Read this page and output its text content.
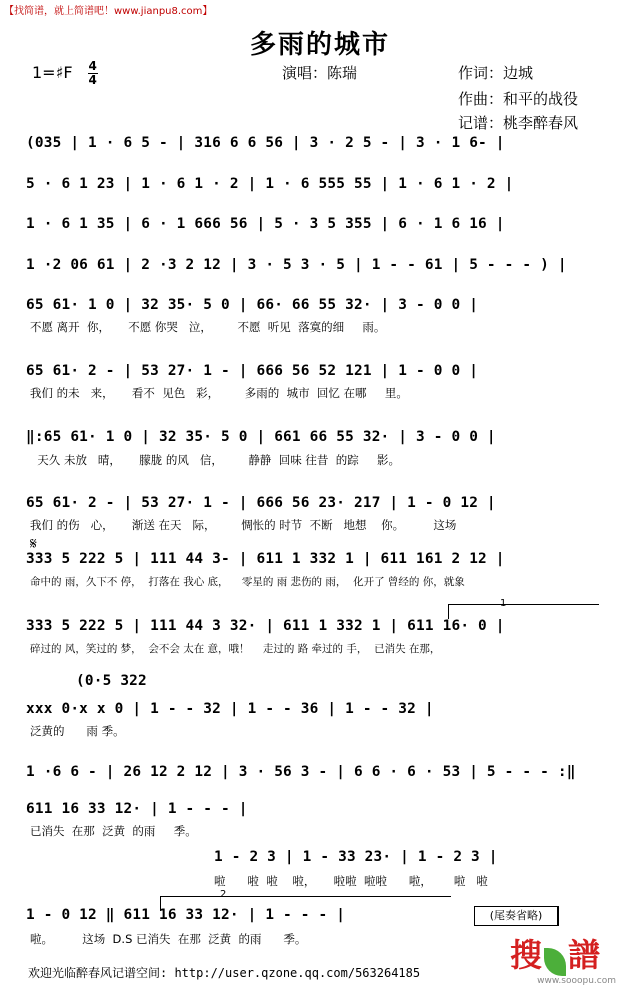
【找简谱，就上简谱吧！www.jianpu8.com】
多雨的城市
1=♯F $\frac{4}{4}$	演唱：陈瑞	作词：边城
作曲：和平的战役
记谱：桃李醉春风
(035 | 1 · 6 5 - | 316 6 6 56 | 3 · 2 5 - | 3 · 1 6- |
5 · 6 1 23 | 1 · 6 1 · 2 | 1 · 6 555 55 | 1 · 6 1 · 2 |
1 · 6 1 35 | 6 · 1 666 56 | 5 · 3 5 355 | 6 · 1 6 16 |
1 ·2 06 61 | 2 ·3 2 12 | 3 · 5 3 · 5 | 1 - - 61 | 5 - - - ) |
65 61· 1 0 | 32 35· 5 0 | 66· 66 55 32· | 3 - 0 0 |
不愿 离开  你，     不愿 你哭   泣，       不愿  听见  落寞的细     雨。
65 61· 2 - | 53 27· 1 - | 666 56 52 121 | 1 - 0 0 |
我们 的未   来，     看不  见色   彩，       多雨的  城市  回忆 在哪     里。
‖:65 61· 1 0 | 32 35· 5 0 | 661 66 55 32· | 3 - 0 0 |
天久 未放   晴，     朦胧 的风   信，       静静  回味 往昔  的踪     影。
65 61· 2 - | 53 27· 1 - | 666 56 23· 217 | 1 - 0 12 |
我们 的伤   心，     渐送 在天   际，       惆怅的 时节  不断   地想    你。        这场
𝄋
333 5 222 5 | 111 44 3- | 611 1 332 1 | 611 161 2 12 |
命中的 雨，久下不 停，  打落在 我心 底，    零星的 雨 悲伤的 雨，  化开了 曾经的 你，就象
1
333 5 222 5 | 111 44 3 32· | 611 1 332 1 | 611 16· 0 |
碎过的 风，笑过的 梦，  会不会 太在 意，哦！    走过的 路 牵过的 手，  已消失 在那，
(0·5 322
xxx 0·x x 0 | 1 - - 32 | 1 - - 36 | 1 - - 32 |
泛黄的      雨 季。
1 ·6 6 - | 26 12 2 12 | 3 · 56 3 - | 6 6 · 6 · 53 | 5 - - - :‖
611 16 33 12· | 1 - - - |
已消失  在那  泛黄  的雨     季。
1 - 2 3 | 1 - 33 23· | 1 - 2 3 |
啦      啦  啦    啦，     啦啦  啦啦      啦，      啦   啦
2
1 - 0 12 ‖ 611 16 33 12· | 1 - - - |
啦。        这场  D.S 已消失  在那  泛黄  的雨      季。
(尾奏省略)
欢迎光临醉春风记谱空间: http://user.qzone.qq.com/563264185	搜 譜
www.sooopu.com
